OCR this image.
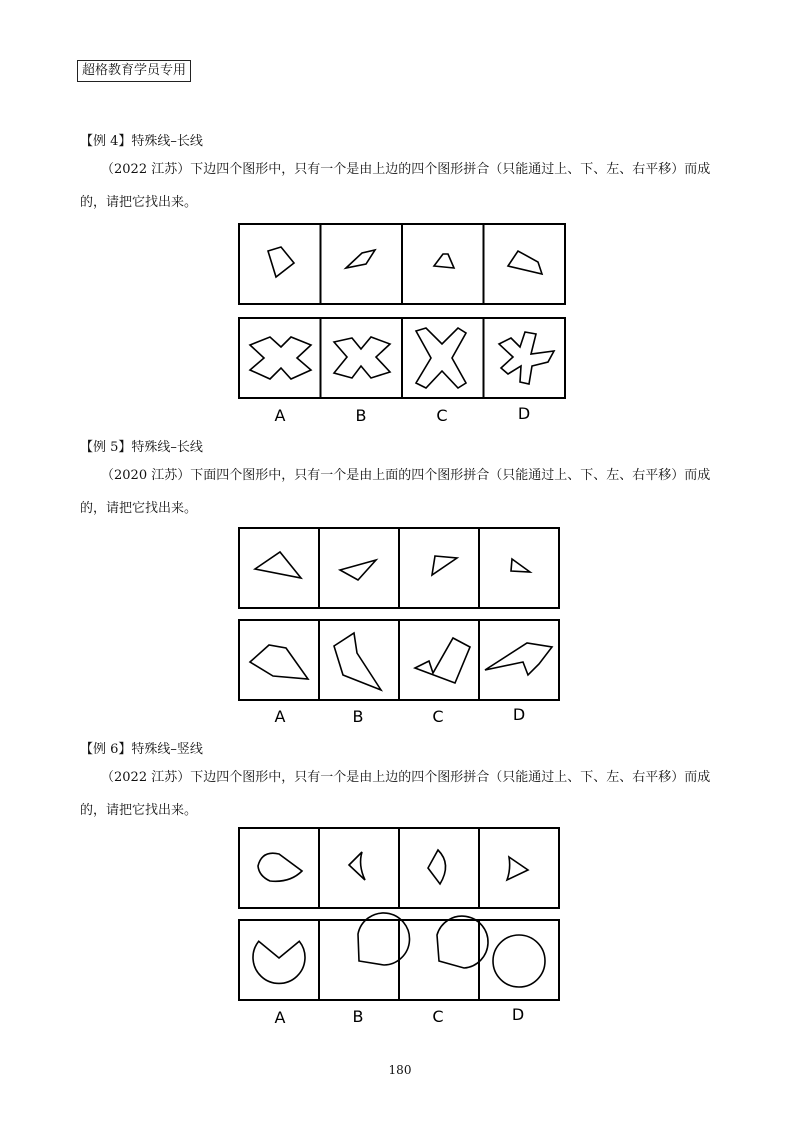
超格教育学员专用
【例 4】特殊线–长线
（2022 江苏）下边四个图形中，只有一个是由上边的四个图形拼合（只能通过上、下、左、右平移）而成
的，请把它找出来。
【例 5】特殊线–长线
（2020 江苏）下面四个图形中，只有一个是由上面的四个图形拼合（只能通过上、下、左、右平移）而成
的，请把它找出来。
【例 6】特殊线–竖线
（2022 江苏）下边四个图形中，只有一个是由上边的四个图形拼合（只能通过上、下、左、右平移）而成
的，请把它找出来。
A	B	C	D
A	B	C	D
A	B	C	D
180
